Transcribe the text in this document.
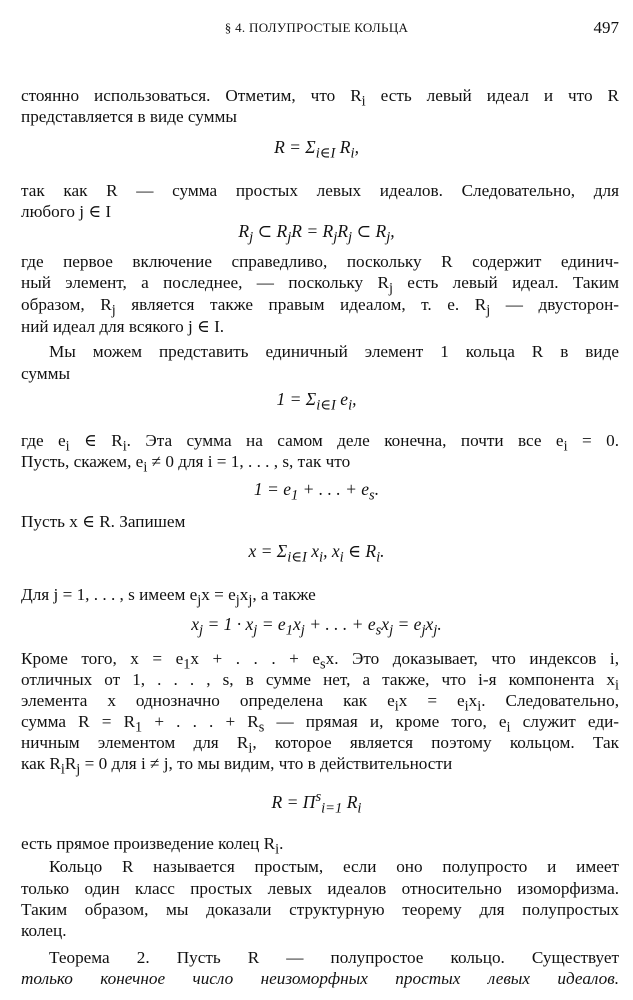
§ 4. ПОЛУПРОСТЫЕ КОЛЬЦА	497

стоянно использоваться. Отметим, что $R_i$ есть левый идеал и что R

представляется в виде суммы

$R = \Sigma_{i\in I}$ $R_i$,

так как R — сумма простых левых идеалов. Следовательно, для

любого j ∈ I

$R_j$ ⊂ $R_jR = R_jR_j$ ⊂ $R_j$,

где первое включение справедливо, поскольку R содержит единич-

ный элемент, а последнее, — поскольку $R_j$ есть левый идеал. Таким

образом, $R_j$ является также правым идеалом, т. е. $R_j$ — двусторон-

ний идеал для всякого j ∈ I.

Мы можем представить единичный элемент 1 кольца R в виде

суммы

$1 = \Sigma_{i\in I}$ $e_i$,

где $e_i$ ∈ $R_i$. Эта сумма на самом деле конечна, почти все $e_i = 0$.

Пусть, скажем, $e_i \ne 0$ для i = 1, . . . , s, так что

$1 = e_1$ + . . . + $e_s$.

Пусть x ∈ R. Запишем

$x = \Sigma_{i\in I}$ $x_i$, $x_i$ ∈ $R_i$.

Для j = 1, . . . , s имеем $e_jx = e_jx_j$, а также

$x_j = 1 \cdot x_j = e_1x_j$ + . . . + $e_sx_j = e_jx_j$.

Кроме того, $x = e_1x$ + . . . + $e_sx$. Это доказывает, что индексов i,

отличных от 1, . . . , s, в сумме нет, а также, что i-я компонента $x_i$

элемента x однозначно определена как $e_ix = e_ix_i$. Следовательно,

сумма $R = R_1$ + . . . + $R_s$ — прямая и, кроме того, $e_i$ служит еди-

ничным элементом для $R_i$, которое является поэтому кольцом. Так

как $R_iR_j = 0$ для i ≠ j, то мы видим, что в действительности

$R = \Pi^s_{i=1}$ $R_i$

есть прямое произведение колец $R_i$.

Кольцо R называется простым, если оно полупросто и имеет

только один класс простых левых идеалов относительно изоморфизма.

Таким образом, мы доказали структурную теорему для полупростых

колец.

Теорема 2. Пусть R — полупростое кольцо. Существует

только конечное число неизоморфных простых левых идеалов.
